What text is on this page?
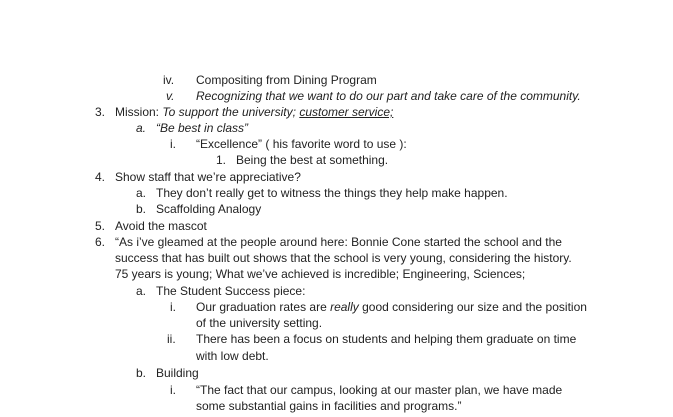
iv. Compositing from Dining Program
v. Recognizing that we want to do our part and take care of the community.
3. Mission: To support the university; customer service;
a. “Be best in class”
i. “Excellence” ( his favorite word to use ):
1. Being the best at something.
4. Show staff that we’re appreciative?
a. They don’t really get to witness the things they help make happen.
b. Scaffolding Analogy
5. Avoid the mascot
6. “As i’ve gleamed at the people around here: Bonnie Cone started the school and the
success that has built out shows that the school is very young, considering the history.
75 years is young; What we’ve achieved is incredible; Engineering, Sciences;
a. The Student Success piece:
i. Our graduation rates are really good considering our size and the position
of the university setting.
ii. There has been a focus on students and helping them graduate on time
with low debt.
b. Building
i. “The fact that our campus, looking at our master plan, we have made
some substantial gains in facilities and programs.”
